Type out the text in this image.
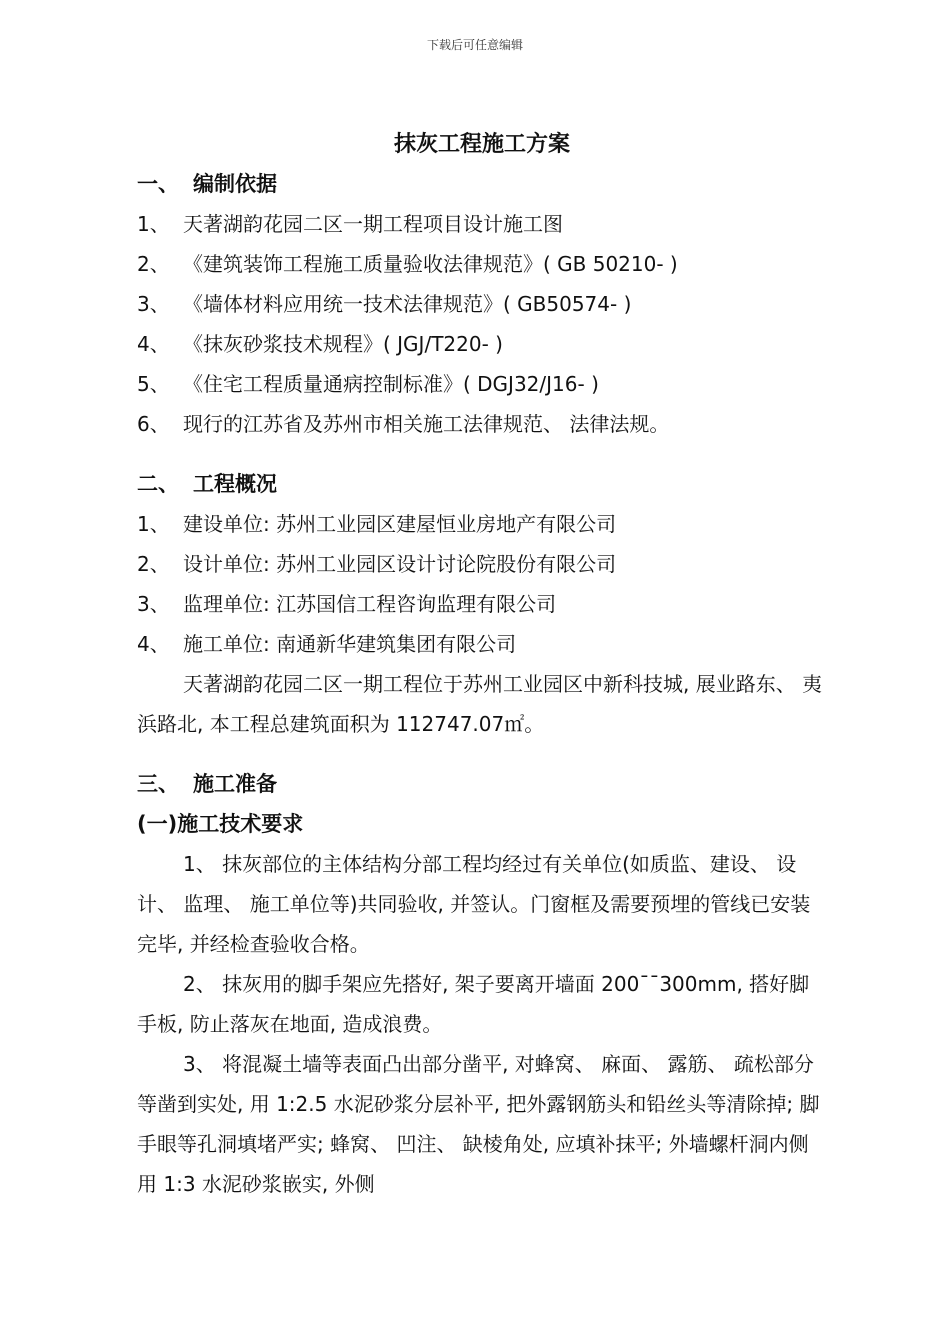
下载后可任意编辑
抹灰工程施工方案
一、 编制依据
1、 天著湖韵花园二区一期工程项目设计施工图
2、 《建筑装饰工程施工质量验收法律规范》( GB 50210- )
3、 《墙体材料应用统一技术法律规范》( GB50574- )
4、 《抹灰砂浆技术规程》( JGJ/T220- )
5、 《住宅工程质量通病控制标准》( DGJ32/J16- )
6、 现行的江苏省及苏州市相关施工法律规范、 法律法规。
二、 工程概况
1、 建设单位: 苏州工业园区建屋恒业房地产有限公司
2、 设计单位: 苏州工业园区设计讨论院股份有限公司
3、 监理单位: 江苏国信工程咨询监理有限公司
4、 施工单位: 南通新华建筑集团有限公司

天著湖韵花园二区一期工程位于苏州工业园区中新科技城, 展业路东、 夷浜路北, 本工程总建筑面积为 112747.07㎡。

三、 施工准备
(一)施工技术要求

1、 抹灰部位的主体结构分部工程均经过有关单位(如质监、建设、 设计、 监理、 施工单位等)共同验收, 并签认。门窗框及需要预埋的管线已安装完毕, 并经检查验收合格。

2、 抹灰用的脚手架应先搭好, 架子要离开墙面 200¯¯300mm, 搭好脚手板, 防止落灰在地面, 造成浪费。

3、 将混凝土墙等表面凸出部分凿平, 对蜂窝、 麻面、 露筋、 疏松部分等凿到实处, 用 1:2.5 水泥砂浆分层补平, 把外露钢筋头和铅丝头等清除掉; 脚手眼等孔洞填堵严实; 蜂窝、 凹注、 缺棱角处, 应填补抹平; 外墙螺杆洞内侧用 1:3 水泥砂浆嵌实, 外侧
